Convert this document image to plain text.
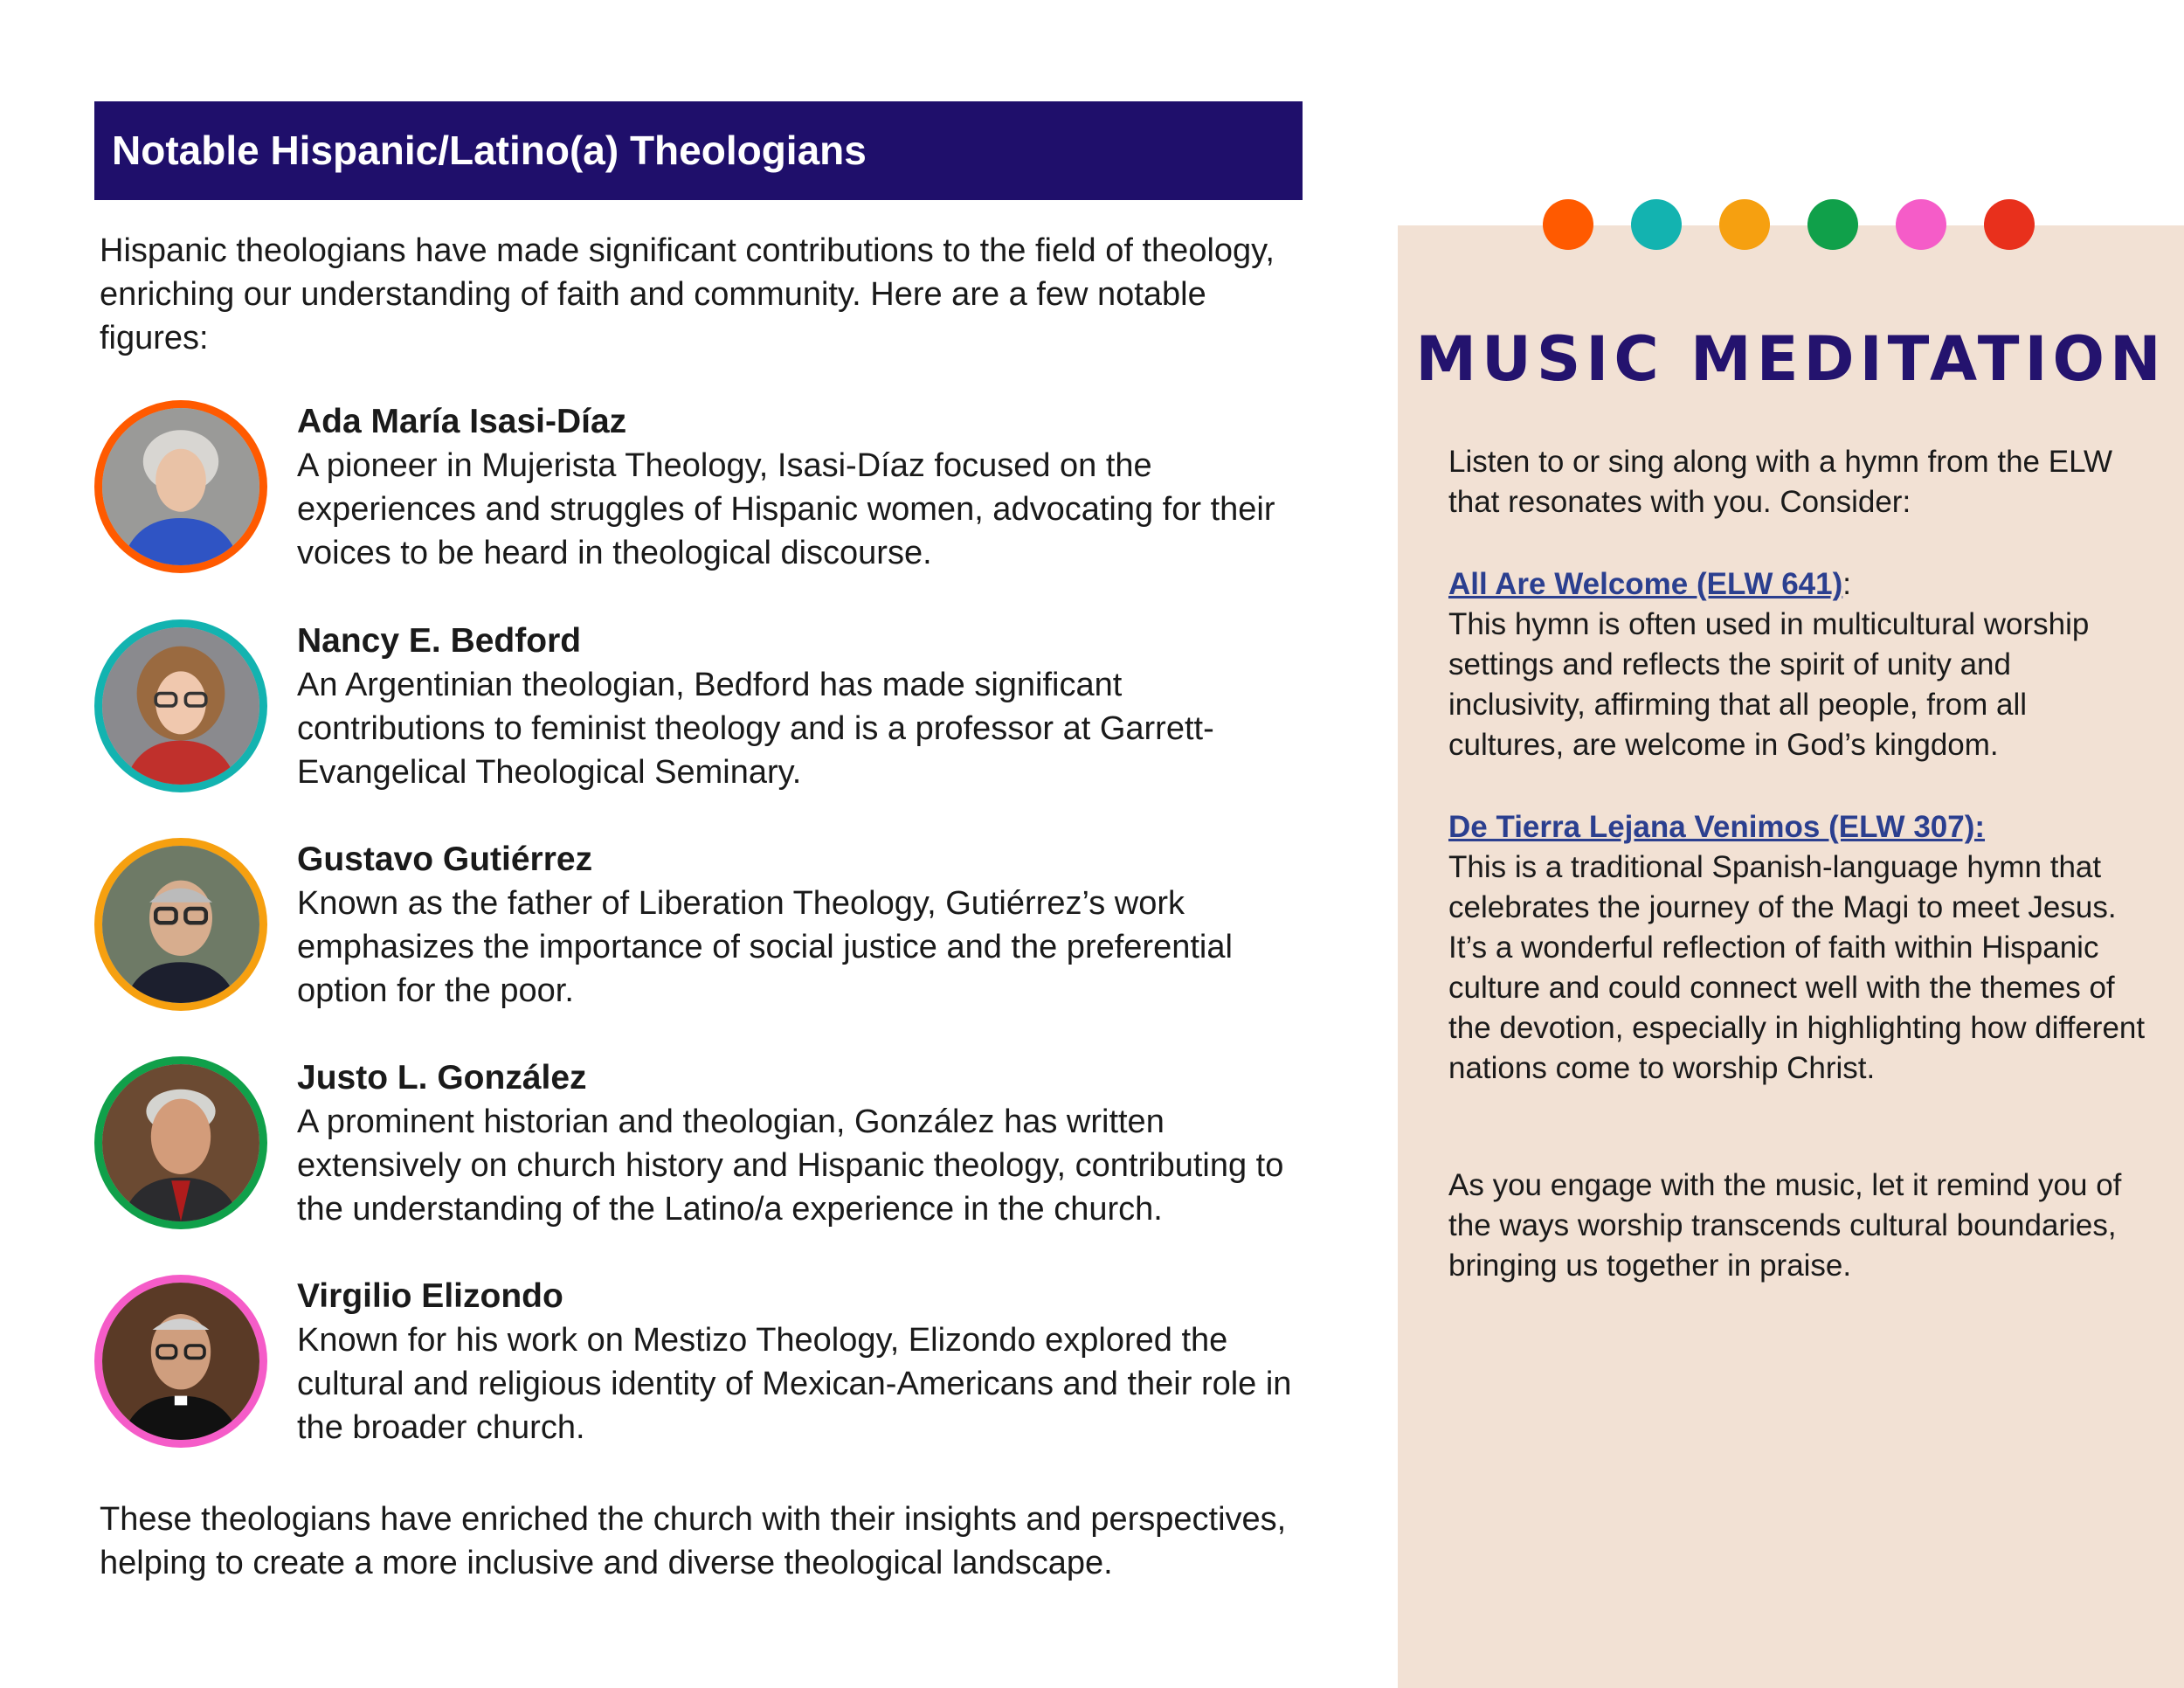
Notable Hispanic/Latino(a) Theologians

Hispanic theologians have made significant contributions to the field of theology, enriching our understanding of faith and community. Here are a few notable figures:

Ada María Isasi-Díaz

A pioneer in Mujerista Theology, Isasi-Díaz focused on the experiences and struggles of Hispanic women, advocating for their voices to be heard in theological discourse.

Nancy E. Bedford

An Argentinian theologian, Bedford has made significant contributions to feminist theology and is a professor at Garrett-Evangelical Theological Seminary.

Gustavo Gutiérrez

Known as the father of Liberation Theology, Gutiérrez’s work emphasizes the importance of social justice and the preferential option for the poor.

Justo L. González

A prominent historian and theologian, González has written extensively on church history and Hispanic theology, contributing to the understanding of the Latino/a experience in the church.

Virgilio Elizondo

Known for his work on Mestizo Theology, Elizondo explored the cultural and religious identity of Mexican-Americans and their role in the broader church.

These theologians have enriched the church with their insights and perspectives, helping to create a more inclusive and diverse theological landscape.

MUSIC MEDITATION

Listen to or sing along with a hymn from the ELW that resonates with you. Consider:

All Are Welcome (ELW 641):
This hymn is often used in multicultural worship settings and reflects the spirit of unity and inclusivity, affirming that all people, from all cultures, are welcome in God’s kingdom.

De Tierra Lejana Venimos (ELW 307):
This is a traditional Spanish-language hymn that celebrates the journey of the Magi to meet Jesus. It’s a wonderful reflection of faith within Hispanic culture and could connect well with the themes of the devotion, especially in highlighting how different nations come to worship Christ.

As you engage with the music, let it remind you of the ways worship transcends cultural boundaries, bringing us together in praise.
